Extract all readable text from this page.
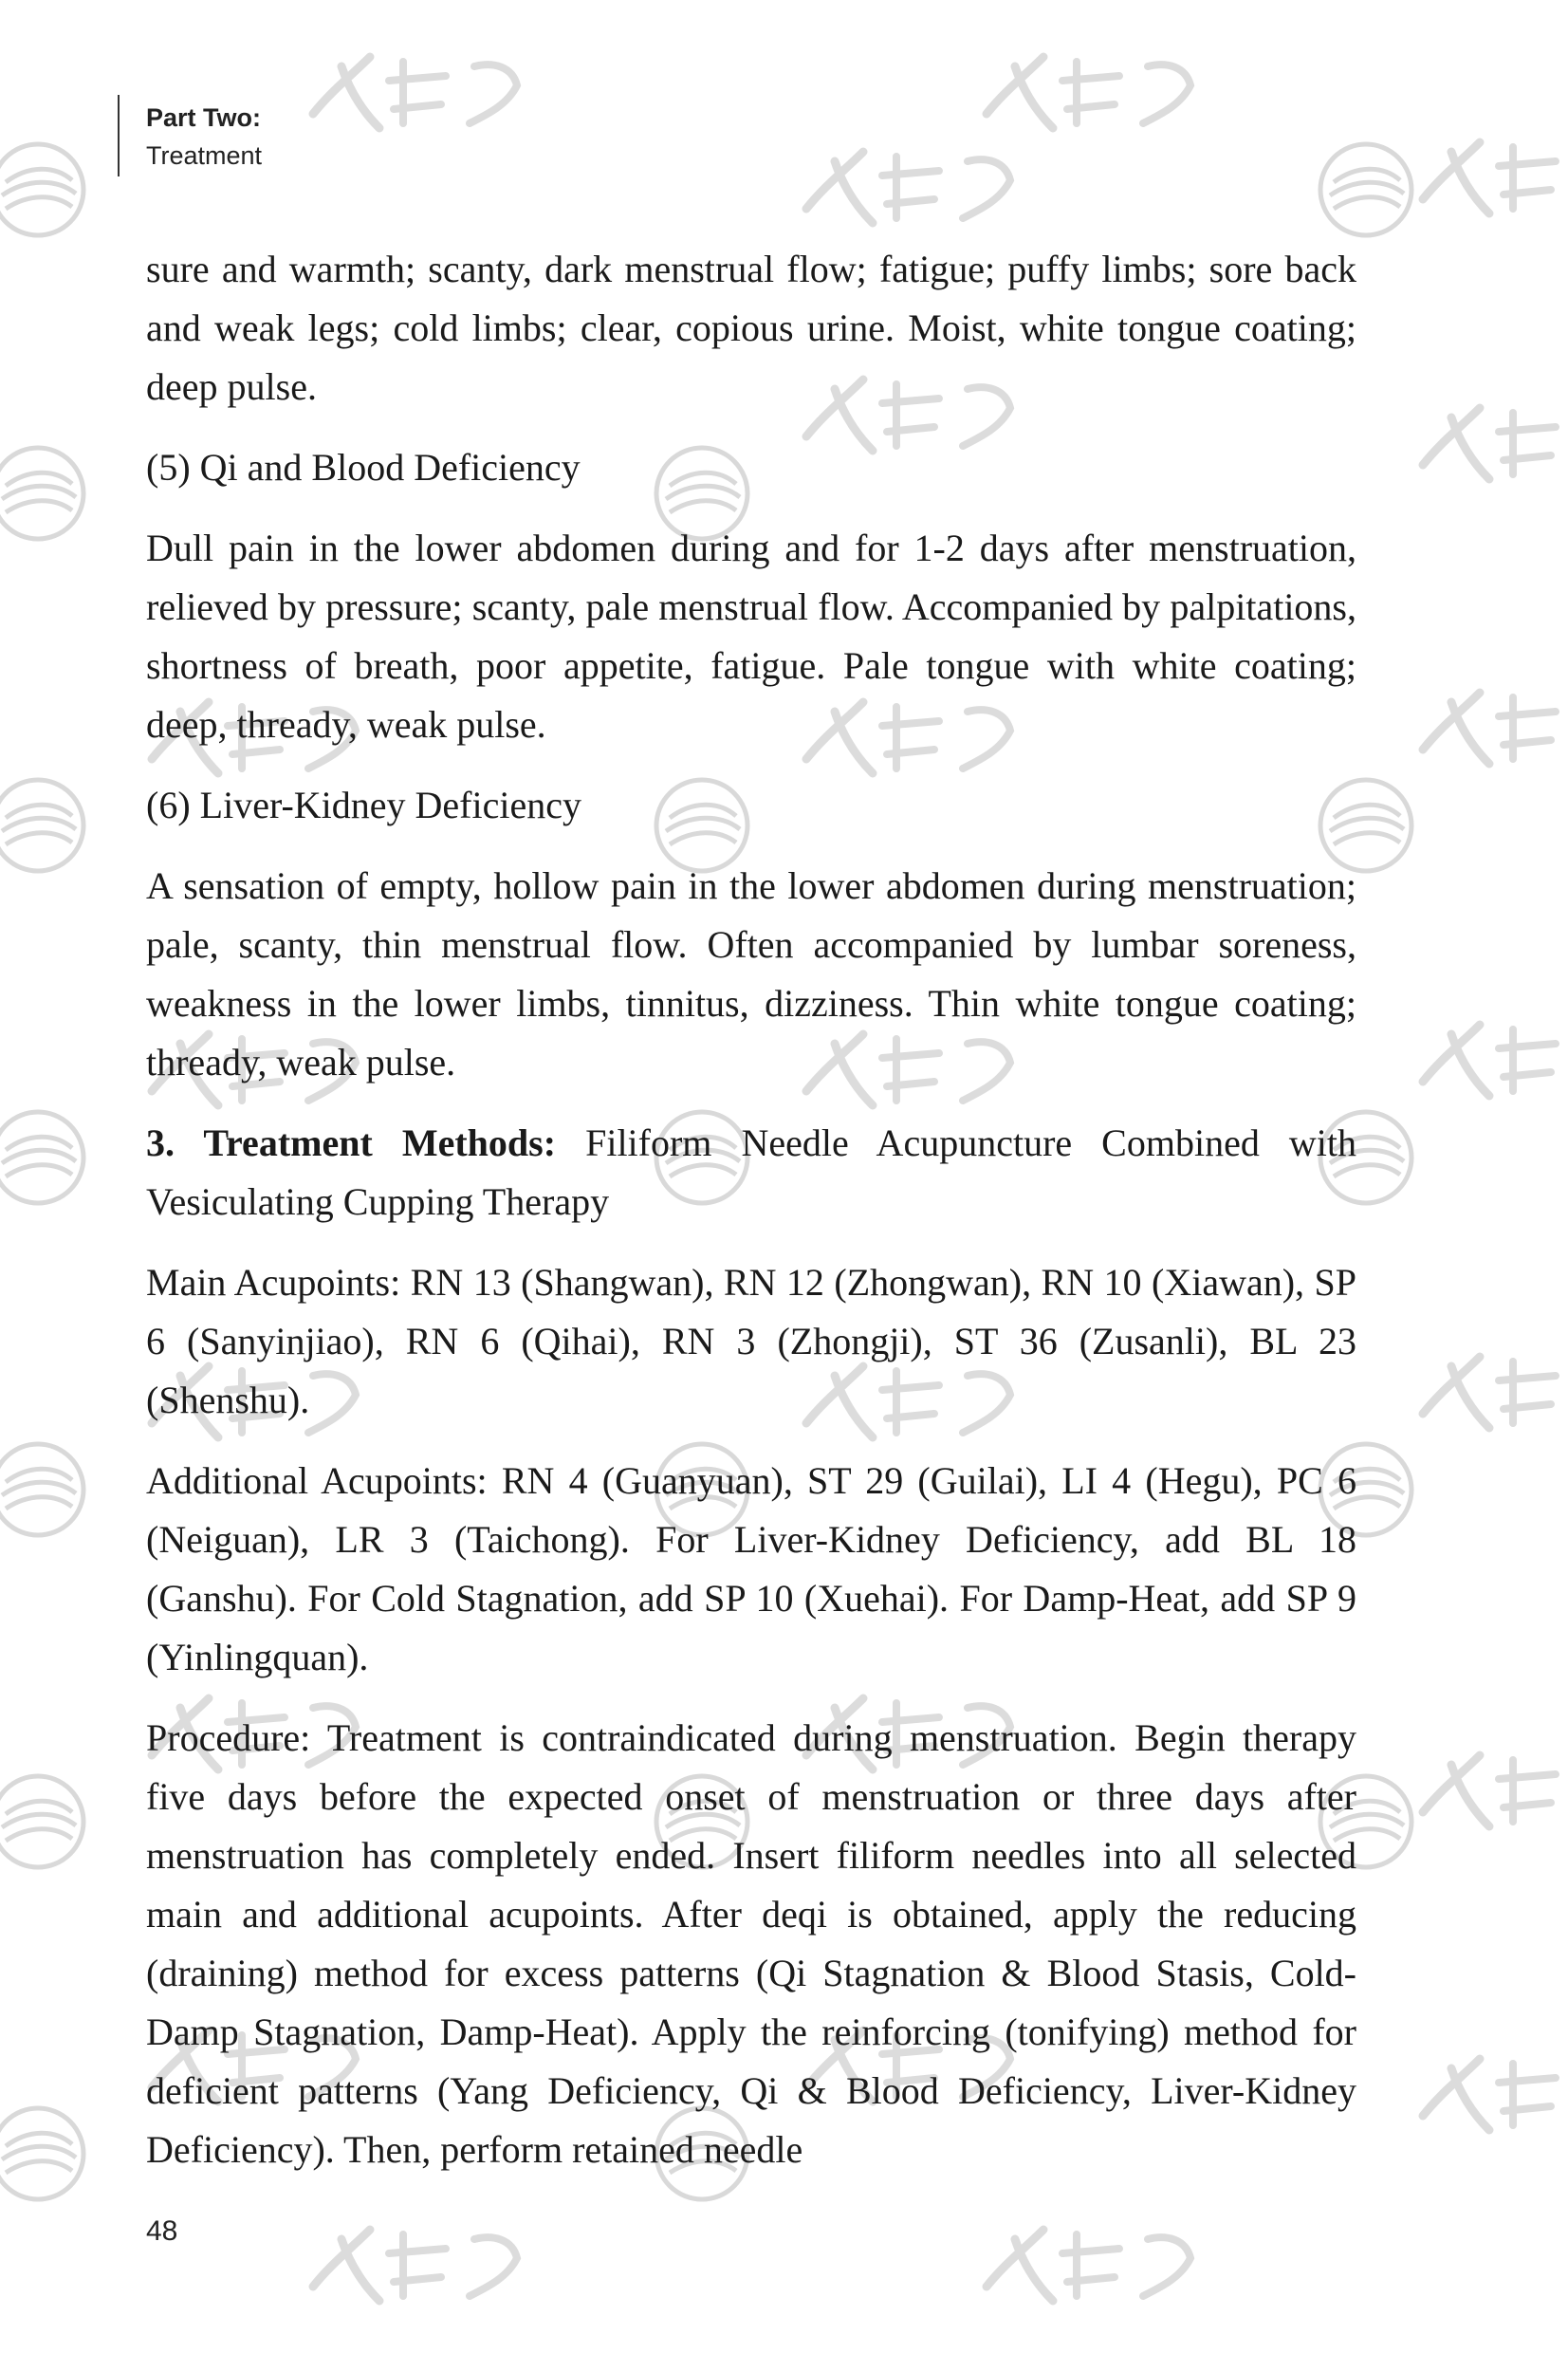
Part Two:
Treatment

sure and warmth; scanty, dark menstrual flow; fatigue; puffy limbs; sore back and weak legs; cold limbs; clear, copious urine. Moist, white tongue coating; deep pulse.

(5) Qi and Blood Deficiency

Dull pain in the lower abdomen during and for 1-2 days after menstruation, relieved by pressure; scanty, pale menstrual flow. Accompanied by palpitations, shortness of breath, poor appetite, fatigue. Pale tongue with white coating; deep, thready, weak pulse.

(6) Liver-Kidney Deficiency

A sensation of empty, hollow pain in the lower abdomen during menstruation; pale, scanty, thin menstrual flow. Often accompanied by lumbar soreness, weakness in the lower limbs, tinnitus, dizziness. Thin white tongue coating; thready, weak pulse.

3. Treatment Methods: Filiform Needle Acupuncture Combined with Vesiculating Cupping Therapy

Main Acupoints: RN 13 (Shangwan), RN 12 (Zhongwan), RN 10 (Xiawan), SP 6 (Sanyinjiao), RN 6 (Qihai), RN 3 (Zhongji), ST 36 (Zusanli), BL 23 (Shenshu).

Additional Acupoints: RN 4 (Guanyuan), ST 29 (Guilai), LI 4 (Hegu), PC 6 (Neiguan), LR 3 (Taichong). For Liver-Kidney Deficiency, add BL 18 (Ganshu). For Cold Stagnation, add SP 10 (Xuehai). For Damp-Heat, add SP 9 (Yinlingquan).

Procedure: Treatment is contraindicated during menstruation. Begin therapy five days before the expected onset of menstruation or three days after menstruation has completely ended. Insert filiform needles into all selected main and additional acupoints. After deqi is obtained, apply the reducing (draining) method for excess patterns (Qi Stagnation & Blood Stasis, Cold-Damp Stagnation, Damp-Heat). Apply the reinforcing (tonifying) method for deficient patterns (Yang Deficiency, Qi & Blood Deficiency, Liver-Kidney Deficiency). Then, perform retained needle

48
